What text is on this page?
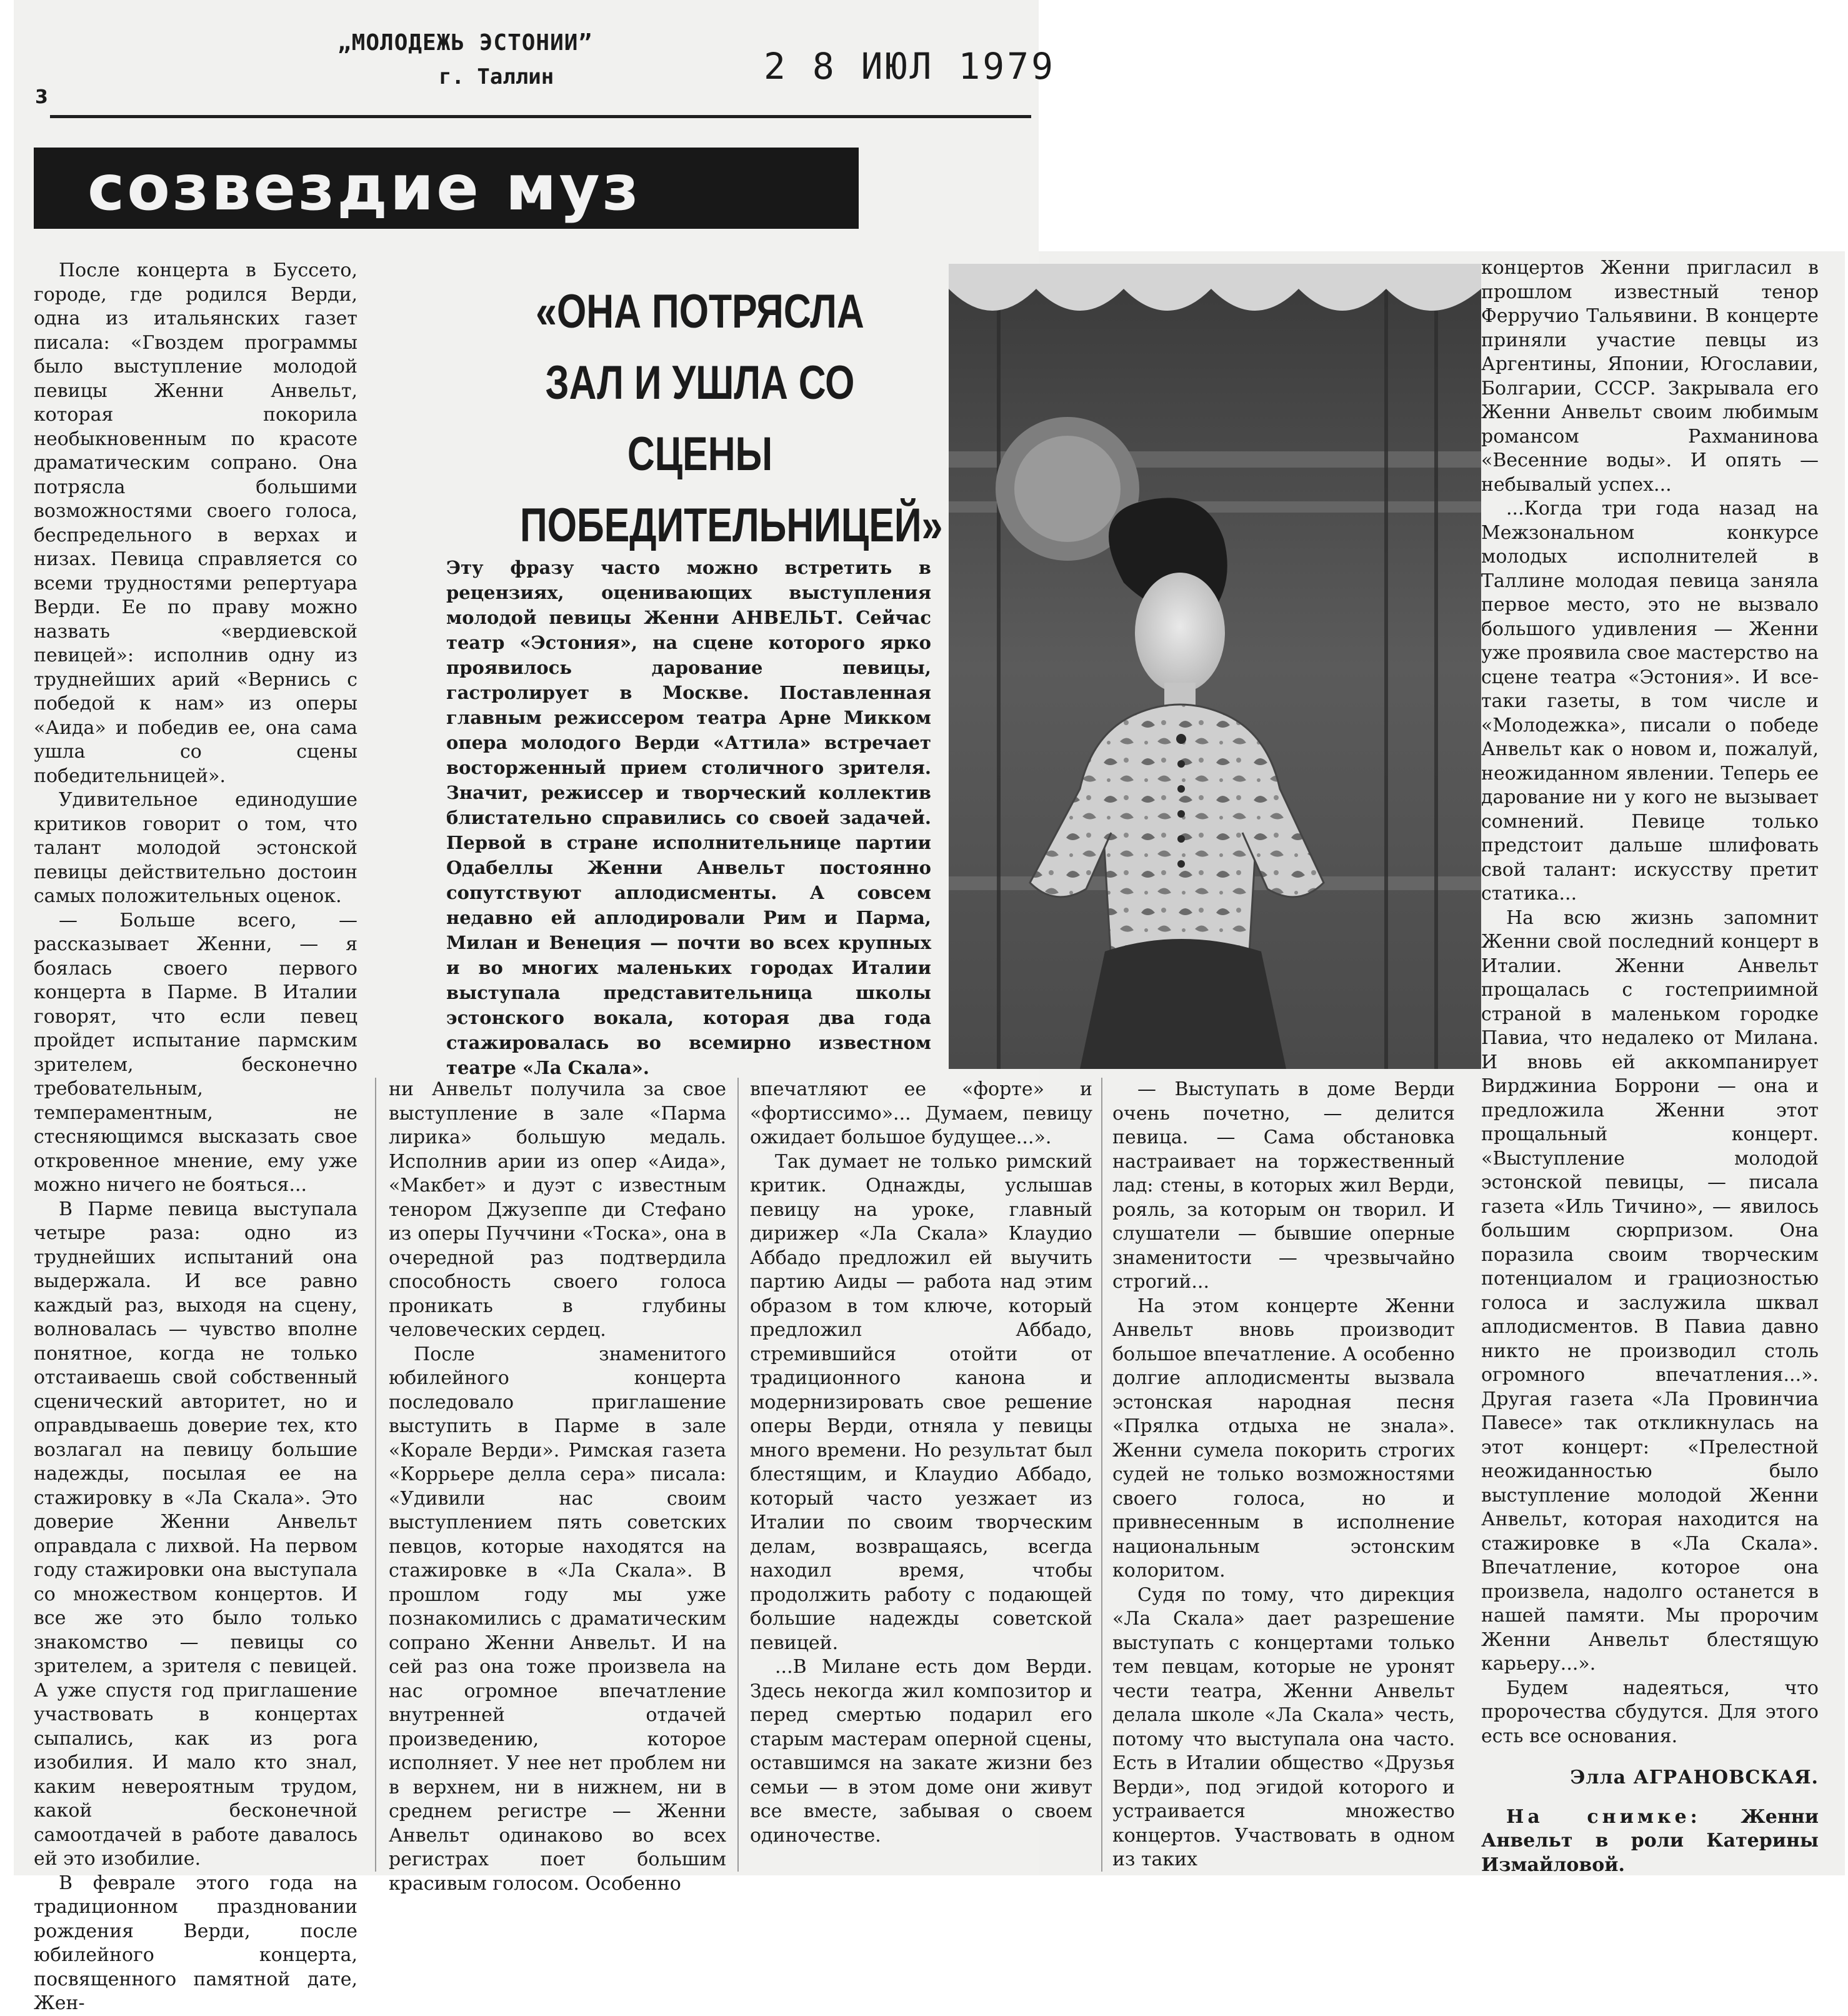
„МОЛОДЕЖЬ ЭСТОНИИ”
г. Таллин	2 8 ИЮЛ 1979
3
созвездие муз
«ОНА ПОТРЯСЛА ЗАЛ И УШЛА СО СЦЕНЫ ПОБЕДИТЕЛЬНИЦЕЙ»
Эту фразу часто можно встретить в рецензиях, оценивающих выступления молодой певицы Женни АНВЕЛЬТ. Сейчас театр «Эстония», на сцене которого ярко проявилось дарование певицы, гастролирует в Москве. Поставленная главным режиссером театра Арне Миккoм опера молодого Верди «Аттила» встречает восторженный прием столичного зрителя. Значит, режиссер и творческий коллектив блистательно справились со своей задачей. Первой в стране исполнительнице партии Одабеллы Женни Анвельт постоянно сопутствуют аплодисменты. А совсем недавно ей аплодировали Рим и Парма, Милан и Венеция — почти во всех крупных и во многих маленьких городах Италии выступала представительница школы эстонского вокала, которая два года стажировалась во всемирно известном театре «Ла Скала».

После концерта в Буссето, городе, где родился Верди, одна из итальянских газет писала: «Гвоздем программы было выступление молодой певицы Женни Анвельт, которая покорила необыкновенным по красоте драматическим сопрано. Она потрясла большими возможностями своего голоса, беспредельного в верхах и низах. Певица справляется со всеми трудностями репертуара Верди. Ее по праву можно назвать «вердиевской певицей»: исполнив одну из труднейших арий «Вернись с победой к нам» из оперы «Аида» и победив ее, она сама ушла со сцены победительницей».

Удивительное единодушие критиков говорит о том, что талант молодой эстонской певицы действительно достоин самых положительных оценок.

— Больше всего, — рассказывает Женни, — я боялась своего первого концерта в Парме. В Италии говорят, что если певец пройдет испытание пармским зрителем, бесконечно требовательным, темпераментным, не стесняющимся высказать свое откровенное мнение, ему уже можно ничего не бояться...

В Парме певица выступала четыре раза: одно из труднейших испытаний она выдержала. И все равно каждый раз, выходя на сцену, волновалась — чувство вполне понятное, когда не только отстаиваешь свой собственный сценический авторитет, но и оправдываешь доверие тех, кто возлагал на певицу большие надежды, посылая ее на стажировку в «Ла Скала». Это доверие Женни Анвельт оправдала с лихвой. На первом году стажировки она выступала со множеством концертов. И все же это было только знакомство — певицы со зрителем, а зрителя с певицей. А уже спустя год приглашение участвовать в концертах сыпались, как из рога изобилия. И мало кто знал, каким невероятным трудом, какой бесконечной самоотдачей в работе давалось ей это изобилие.

В феврале этого года на традиционном праздновании рождения Верди, после юбилейного концерта, посвященного памятной дате, Жен-

ни Анвельт получила за свое выступление в зале «Парма лирика» большую медаль. Исполнив арии из опер «Аида», «Макбет» и дуэт с известным тенором Джузеппе ди Стефано из оперы Пуччини «Тоска», она в очередной раз подтвердила способность своего голоса проникать в глубины человеческих сердец.

После знаменитого юбилейного концерта последовало приглашение выступить в Парме в зале «Корале Верди». Римская газета «Коррьере делла сера» писала: «Удивили нас своим выступлением пять советских певцов, которые находятся на стажировке в «Ла Скала». В прошлом году мы уже познакомились с драматическим сопрано Женни Анвельт. И на сей раз она тоже произвела на нас огромное впечатление внутренней отдачей произведению, которое исполняет. У нее нет проблем ни в верхнем, ни в нижнем, ни в среднем регистре — Женни Анвельт одинаково во всех регистрах поет большим красивым голосом. Особенно

впечатляют ее «форте» и «фортиссимо»... Думаем, певицу ожидает большое будущее...».

Так думает не только римский критик. Однажды, услышав певицу на уроке, главный дирижер «Ла Скала» Клаудио Аббадо предложил ей выучить партию Аиды — работа над этим образом в том ключе, который предложил Аббадо, стремившийся отойти от традиционного канона и модернизировать свое решение оперы Верди, отняла у певицы много времени. Но результат был блестящим, и Клаудио Аббадо, который часто уезжает из Италии по своим творческим делам, возвращаясь, всегда находил время, чтобы продолжить работу с подающей большие надежды советской певицей.

...В Милане есть дом Верди. Здесь некогда жил композитор и перед смертью подарил его старым мастерам оперной сцены, оставшимся на закате жизни без семьи — в этом доме они живут все вместе, забывая о своем одиночестве.

— Выступать в доме Верди очень почетно, — делится певица. — Сама обстановка настраивает на торжественный лад: стены, в которых жил Верди, рояль, за которым он творил. И слушатели — бывшие оперные знаменитости — чрезвычайно строгий...

На этом концерте Женни Анвельт вновь производит большое впечатление. А особенно долгие аплодисменты вызвала эстонская народная песня «Прялка отдыха не знала». Женни сумела покорить строгих судей не только возможностями своего голоса, но и привнесенным в исполнение национальным эстонским колоритом.

Судя по тому, что дирекция «Ла Скала» дает разрешение выступать с концертами только тем певцам, которые не уронят чести театра, Женни Анвельт делала школе «Ла Скала» честь, потому что выступала она часто. Есть в Италии общество «Друзья Верди», под эгидой которого и устраивается множество концертов. Участвовать в одном из таких

концертов Женни пригласил в прошлом известный тенор Ферручио Тальявини. В концерте приняли участие певцы из Аргентины, Японии, Югославии, Болгарии, СССР. Закрывала его Женни Анвельт своим любимым романсом Рахманинова «Весенние воды». И опять — небывалый успех...

...Когда три года назад на Межзональном конкурсе молодых исполнителей в Таллине молодая певица заняла первое место, это не вызвало большого удивления — Женни уже проявила свое мастерство на сцене театра «Эстония». И все-таки газеты, в том числе и «Молодежка», писали о победе Анвельт как о новом и, пожалуй, неожиданном явлении. Теперь ее дарование ни у кого не вызывает сомнений. Певице только предстоит дальше шлифовать свой талант: искусству претит статика...

На всю жизнь запомнит Женни свой последний концерт в Италии. Женни Анвельт прощалась с гостеприимной страной в маленьком городке Павиа, что недалеко от Милана. И вновь ей аккомпанирует Вирджиниа Боррони — она и предложила Женни этот прощальный концерт. «Выступление молодой эстонской певицы, — писала газета «Иль Тичино», — явилось большим сюрпризом. Она поразила своим творческим потенциалом и грациозностью голоса и заслужила шквал аплодисментов. В Павиа давно никто не производил столь огромного впечатления...». Другая газета «Ла Провинчиа Павесе» так откликнулась на этот концерт: «Прелестной неожиданностью было выступление молодой Женни Анвельт, которая находится на стажировке в «Ла Скала». Впечатление, которое она произвела, надолго останется в нашей памяти. Мы пророчим Женни Анвельт блестящую карьеру...».

Будем надеяться, что пророчества сбудутся. Для этого есть все основания.

Элла АГРАНОВСКАЯ.

На снимке: Женни Анвельт в роли Катерины Измайловой.
